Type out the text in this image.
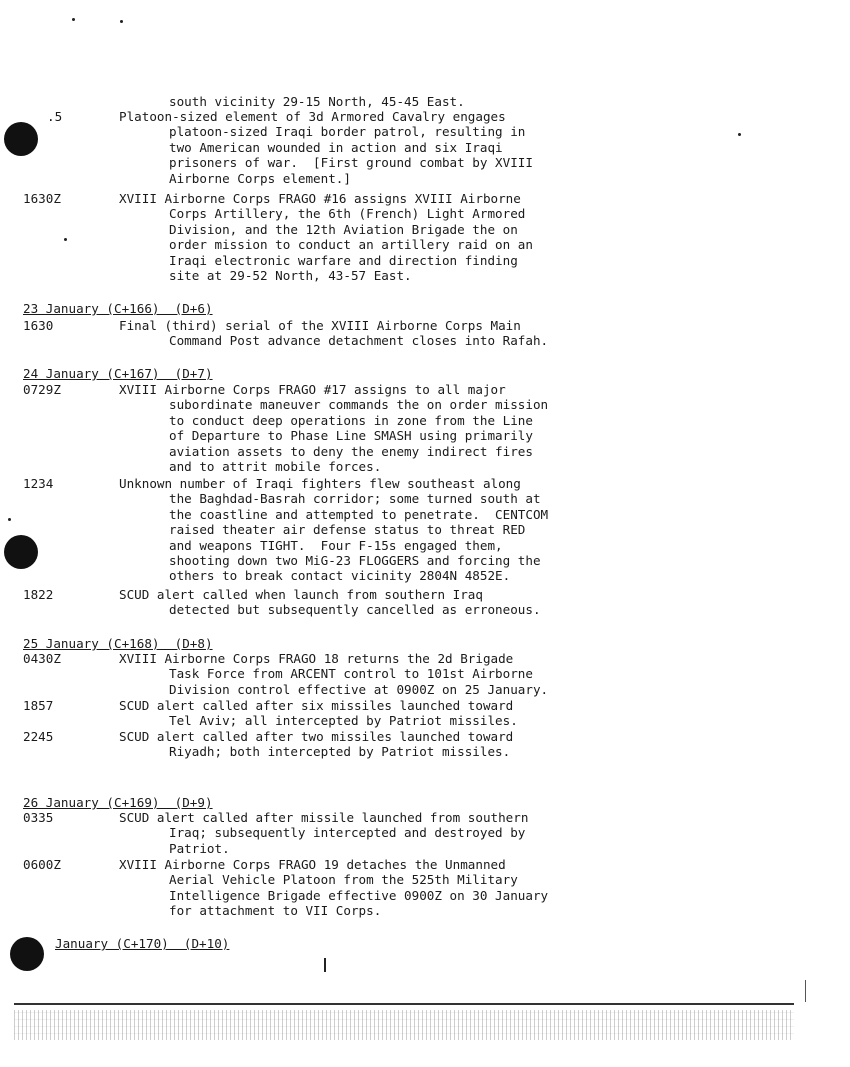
south vicinity 29-15 North, 45-45 East.
.5	Platoon-sized element of 3d Armored Cavalry engages
platoon-sized Iraqi border patrol, resulting in
two American wounded in action and six Iraqi
prisoners of war.  [First ground combat by XVIII
Airborne Corps element.]
1630Z	XVIII Airborne Corps FRAGO #16 assigns XVIII Airborne
Corps Artillery, the 6th (French) Light Armored
Division, and the 12th Aviation Brigade the on
order mission to conduct an artillery raid on an
Iraqi electronic warfare and direction finding
site at 29-52 North, 43-57 East.
23 January (C+166)  (D+6)
1630	Final (third) serial of the XVIII Airborne Corps Main
Command Post advance detachment closes into Rafah.
24 January (C+167)  (D+7)
0729Z	XVIII Airborne Corps FRAGO #17 assigns to all major
subordinate maneuver commands the on order mission
to conduct deep operations in zone from the Line
of Departure to Phase Line SMASH using primarily
aviation assets to deny the enemy indirect fires
and to attrit mobile forces.
1234	Unknown number of Iraqi fighters flew southeast along
the Baghdad-Basrah corridor; some turned south at
the coastline and attempted to penetrate.  CENTCOM
raised theater air defense status to threat RED
and weapons TIGHT.  Four F-15s engaged them,
shooting down two MiG-23 FLOGGERS and forcing the
others to break contact vicinity 2804N 4852E.
1822	SCUD alert called when launch from southern Iraq
detected but subsequently cancelled as erroneous.
25 January (C+168)  (D+8)
0430Z	XVIII Airborne Corps FRAGO 18 returns the 2d Brigade
Task Force from ARCENT control to 101st Airborne
Division control effective at 0900Z on 25 January.
1857	SCUD alert called after six missiles launched toward
Tel Aviv; all intercepted by Patriot missiles.
2245	SCUD alert called after two missiles launched toward
Riyadh; both intercepted by Patriot missiles.
26 January (C+169)  (D+9)
0335	SCUD alert called after missile launched from southern
Iraq; subsequently intercepted and destroyed by
Patriot.
0600Z	XVIII Airborne Corps FRAGO 19 detaches the Unmanned
Aerial Vehicle Platoon from the 525th Military
Intelligence Brigade effective 0900Z on 30 January
for attachment to VII Corps.
January (C+170)  (D+10)
